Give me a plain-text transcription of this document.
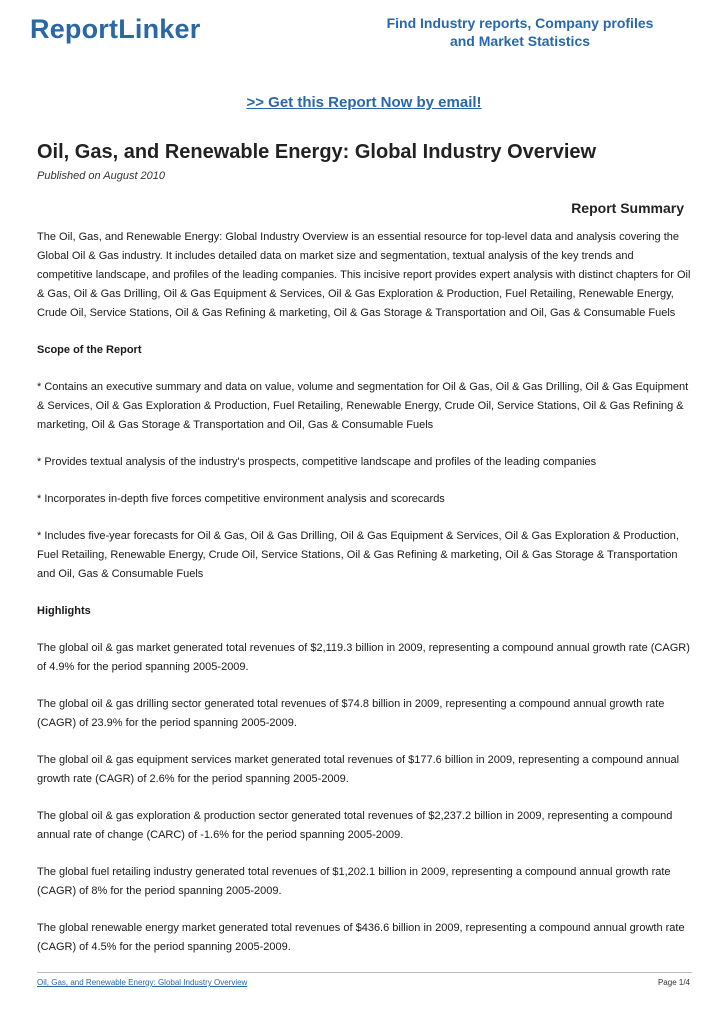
ReportLinker	Find Industry reports, Company profiles
and Market Statistics
>> Get this Report Now by email!
Oil, Gas, and Renewable Energy: Global Industry Overview
Published on August 2010
Report Summary

The Oil, Gas, and Renewable Energy: Global Industry Overview is an essential resource for top-level data and analysis covering the Global Oil & Gas industry. It includes detailed data on market size and segmentation, textual analysis of the key trends and competitive landscape, and profiles of the leading companies. This incisive report provides expert analysis with distinct chapters for Oil & Gas, Oil & Gas Drilling, Oil & Gas Equipment & Services, Oil & Gas Exploration & Production, Fuel Retailing, Renewable Energy, Crude Oil, Service Stations, Oil & Gas Refining & marketing, Oil & Gas Storage & Transportation and Oil, Gas & Consumable Fuels

Scope of the Report

* Contains an executive summary and data on value, volume and segmentation for Oil & Gas, Oil & Gas Drilling, Oil & Gas Equipment & Services, Oil & Gas Exploration & Production, Fuel Retailing, Renewable Energy, Crude Oil, Service Stations, Oil & Gas Refining & marketing, Oil & Gas Storage & Transportation and Oil, Gas & Consumable Fuels

* Provides textual analysis of the industry's prospects, competitive landscape and profiles of the leading companies

* Incorporates in-depth five forces competitive environment analysis and scorecards

* Includes five-year forecasts for Oil & Gas, Oil & Gas Drilling, Oil & Gas Equipment & Services, Oil & Gas Exploration & Production, Fuel Retailing, Renewable Energy, Crude Oil, Service Stations, Oil & Gas Refining & marketing, Oil & Gas Storage & Transportation and Oil, Gas & Consumable Fuels

Highlights

The global oil & gas market generated total revenues of $2,119.3 billion in 2009, representing a compound annual growth rate (CAGR) of 4.9% for the period spanning 2005-2009.

The global oil & gas drilling sector generated total revenues of $74.8 billion in 2009, representing a compound annual growth rate (CAGR) of 23.9% for the period spanning 2005-2009.

The global oil & gas equipment services market generated total revenues of $177.6 billion in 2009, representing a compound annual growth rate (CAGR) of 2.6% for the period spanning 2005-2009.

The global oil & gas exploration & production sector generated total revenues of $2,237.2 billion in 2009, representing a compound annual rate of change (CARC) of -1.6% for the period spanning 2005-2009.

The global fuel retailing industry generated total revenues of $1,202.1 billion in 2009, representing a compound annual growth rate (CAGR) of 8% for the period spanning 2005-2009.

The global renewable energy market generated total revenues of $436.6 billion in 2009, representing a compound annual growth rate (CAGR) of 4.5% for the period spanning 2005-2009.

Oil, Gas, and Renewable Energy: Global Industry Overview	Page 1/4
